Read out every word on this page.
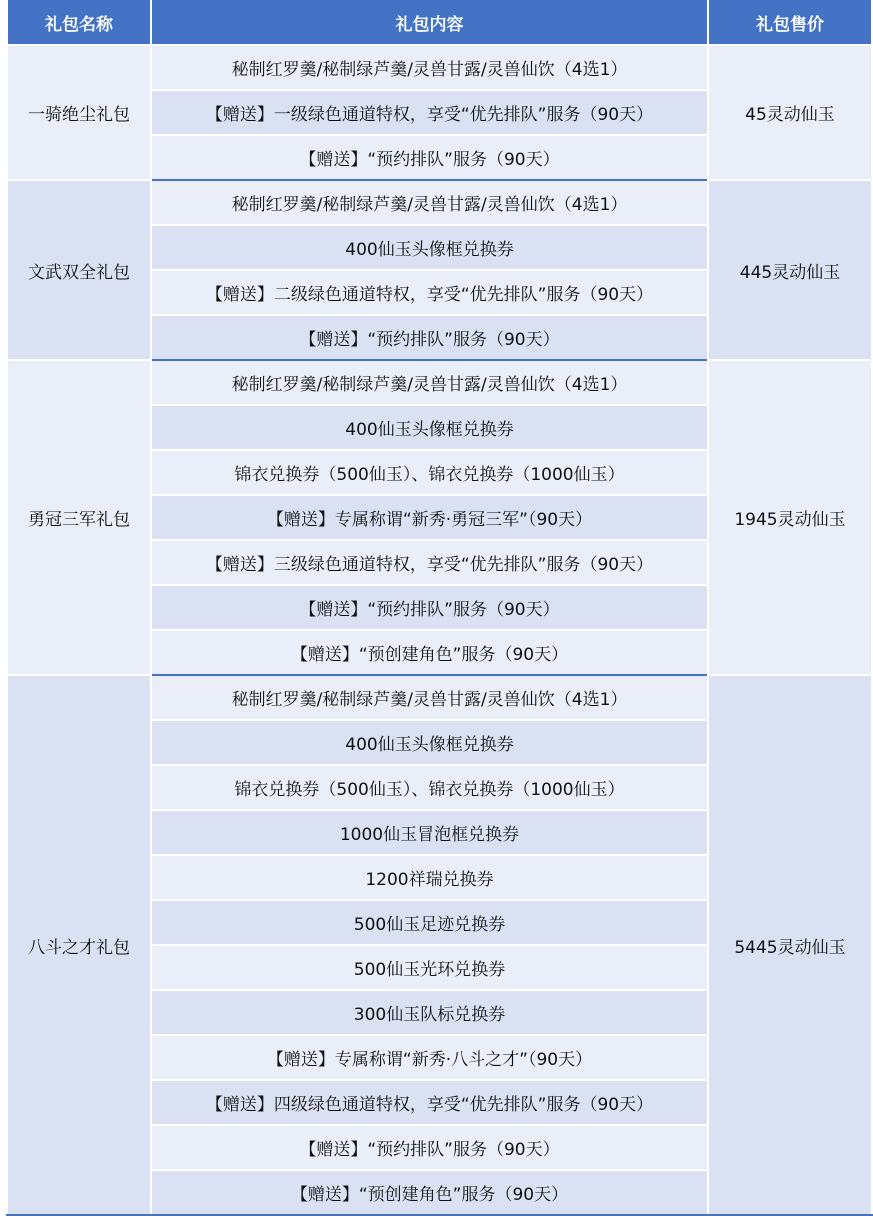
礼包名称	礼包内容	礼包售价
一骑绝尘礼包	秘制红罗羹/秘制绿芦羹/灵兽甘露/灵兽仙饮（4选1）	45灵动仙玉
	【赠送】一级绿色通道特权，享受“优先排队”服务（90天）	
	【赠送】“预约排队”服务（90天）	
文武双全礼包	秘制红罗羹/秘制绿芦羹/灵兽甘露/灵兽仙饮（4选1）	445灵动仙玉
	400仙玉头像框兑换券	
	【赠送】二级绿色通道特权，享受“优先排队”服务（90天）	
	【赠送】“预约排队”服务（90天）	
勇冠三军礼包	秘制红罗羹/秘制绿芦羹/灵兽甘露/灵兽仙饮（4选1）	1945灵动仙玉
	400仙玉头像框兑换券	
	锦衣兑换券（500仙玉）、锦衣兑换券（1000仙玉）	
	【赠送】专属称谓“新秀·勇冠三军”（90天）	
	【赠送】三级绿色通道特权，享受“优先排队”服务（90天）	
	【赠送】“预约排队”服务（90天）	
	【赠送】“预创建角色”服务（90天）	
八斗之才礼包	秘制红罗羹/秘制绿芦羹/灵兽甘露/灵兽仙饮（4选1）	5445灵动仙玉
	400仙玉头像框兑换券	
	锦衣兑换券（500仙玉）、锦衣兑换券（1000仙玉）	
	1000仙玉冒泡框兑换券	
	1200祥瑞兑换券	
	500仙玉足迹兑换券	
	500仙玉光环兑换券	
	300仙玉队标兑换券	
	【赠送】专属称谓“新秀·八斗之才”（90天）	
	【赠送】四级绿色通道特权，享受“优先排队”服务（90天）	
	【赠送】“预约排队”服务（90天）	
	【赠送】“预创建角色”服务（90天）	
